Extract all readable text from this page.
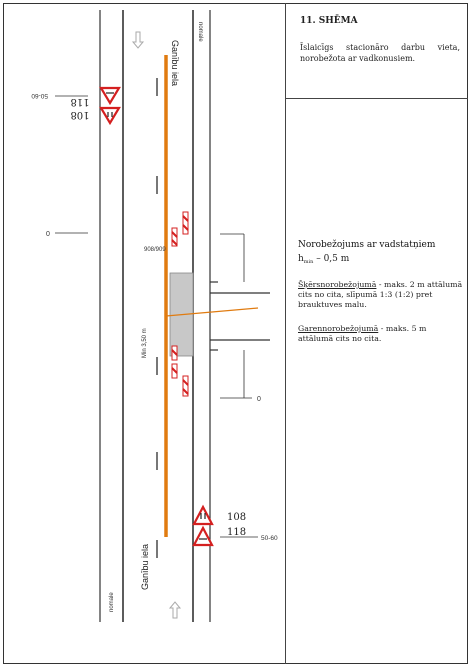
Ganību iela
Ganību iela
nomale
nomale
Min 3,50 m
908/909
118
108
108
118
50-60
0
0
50-60
11. SHĒMA
Īslaicīgs stacionāro darbu vieta, norobežota ar vadkonusiem.
Norobežojums ar vadstatņiem
$h_{min} - 0,5$ m
Šķērsnorobežojumā - maks. 2 m attālumā cits no cita, slīpumā 1:3 (1:2) pret brauktuves malu.
Garennorobežojumā - maks. 5 m attālumā cits no cita.
